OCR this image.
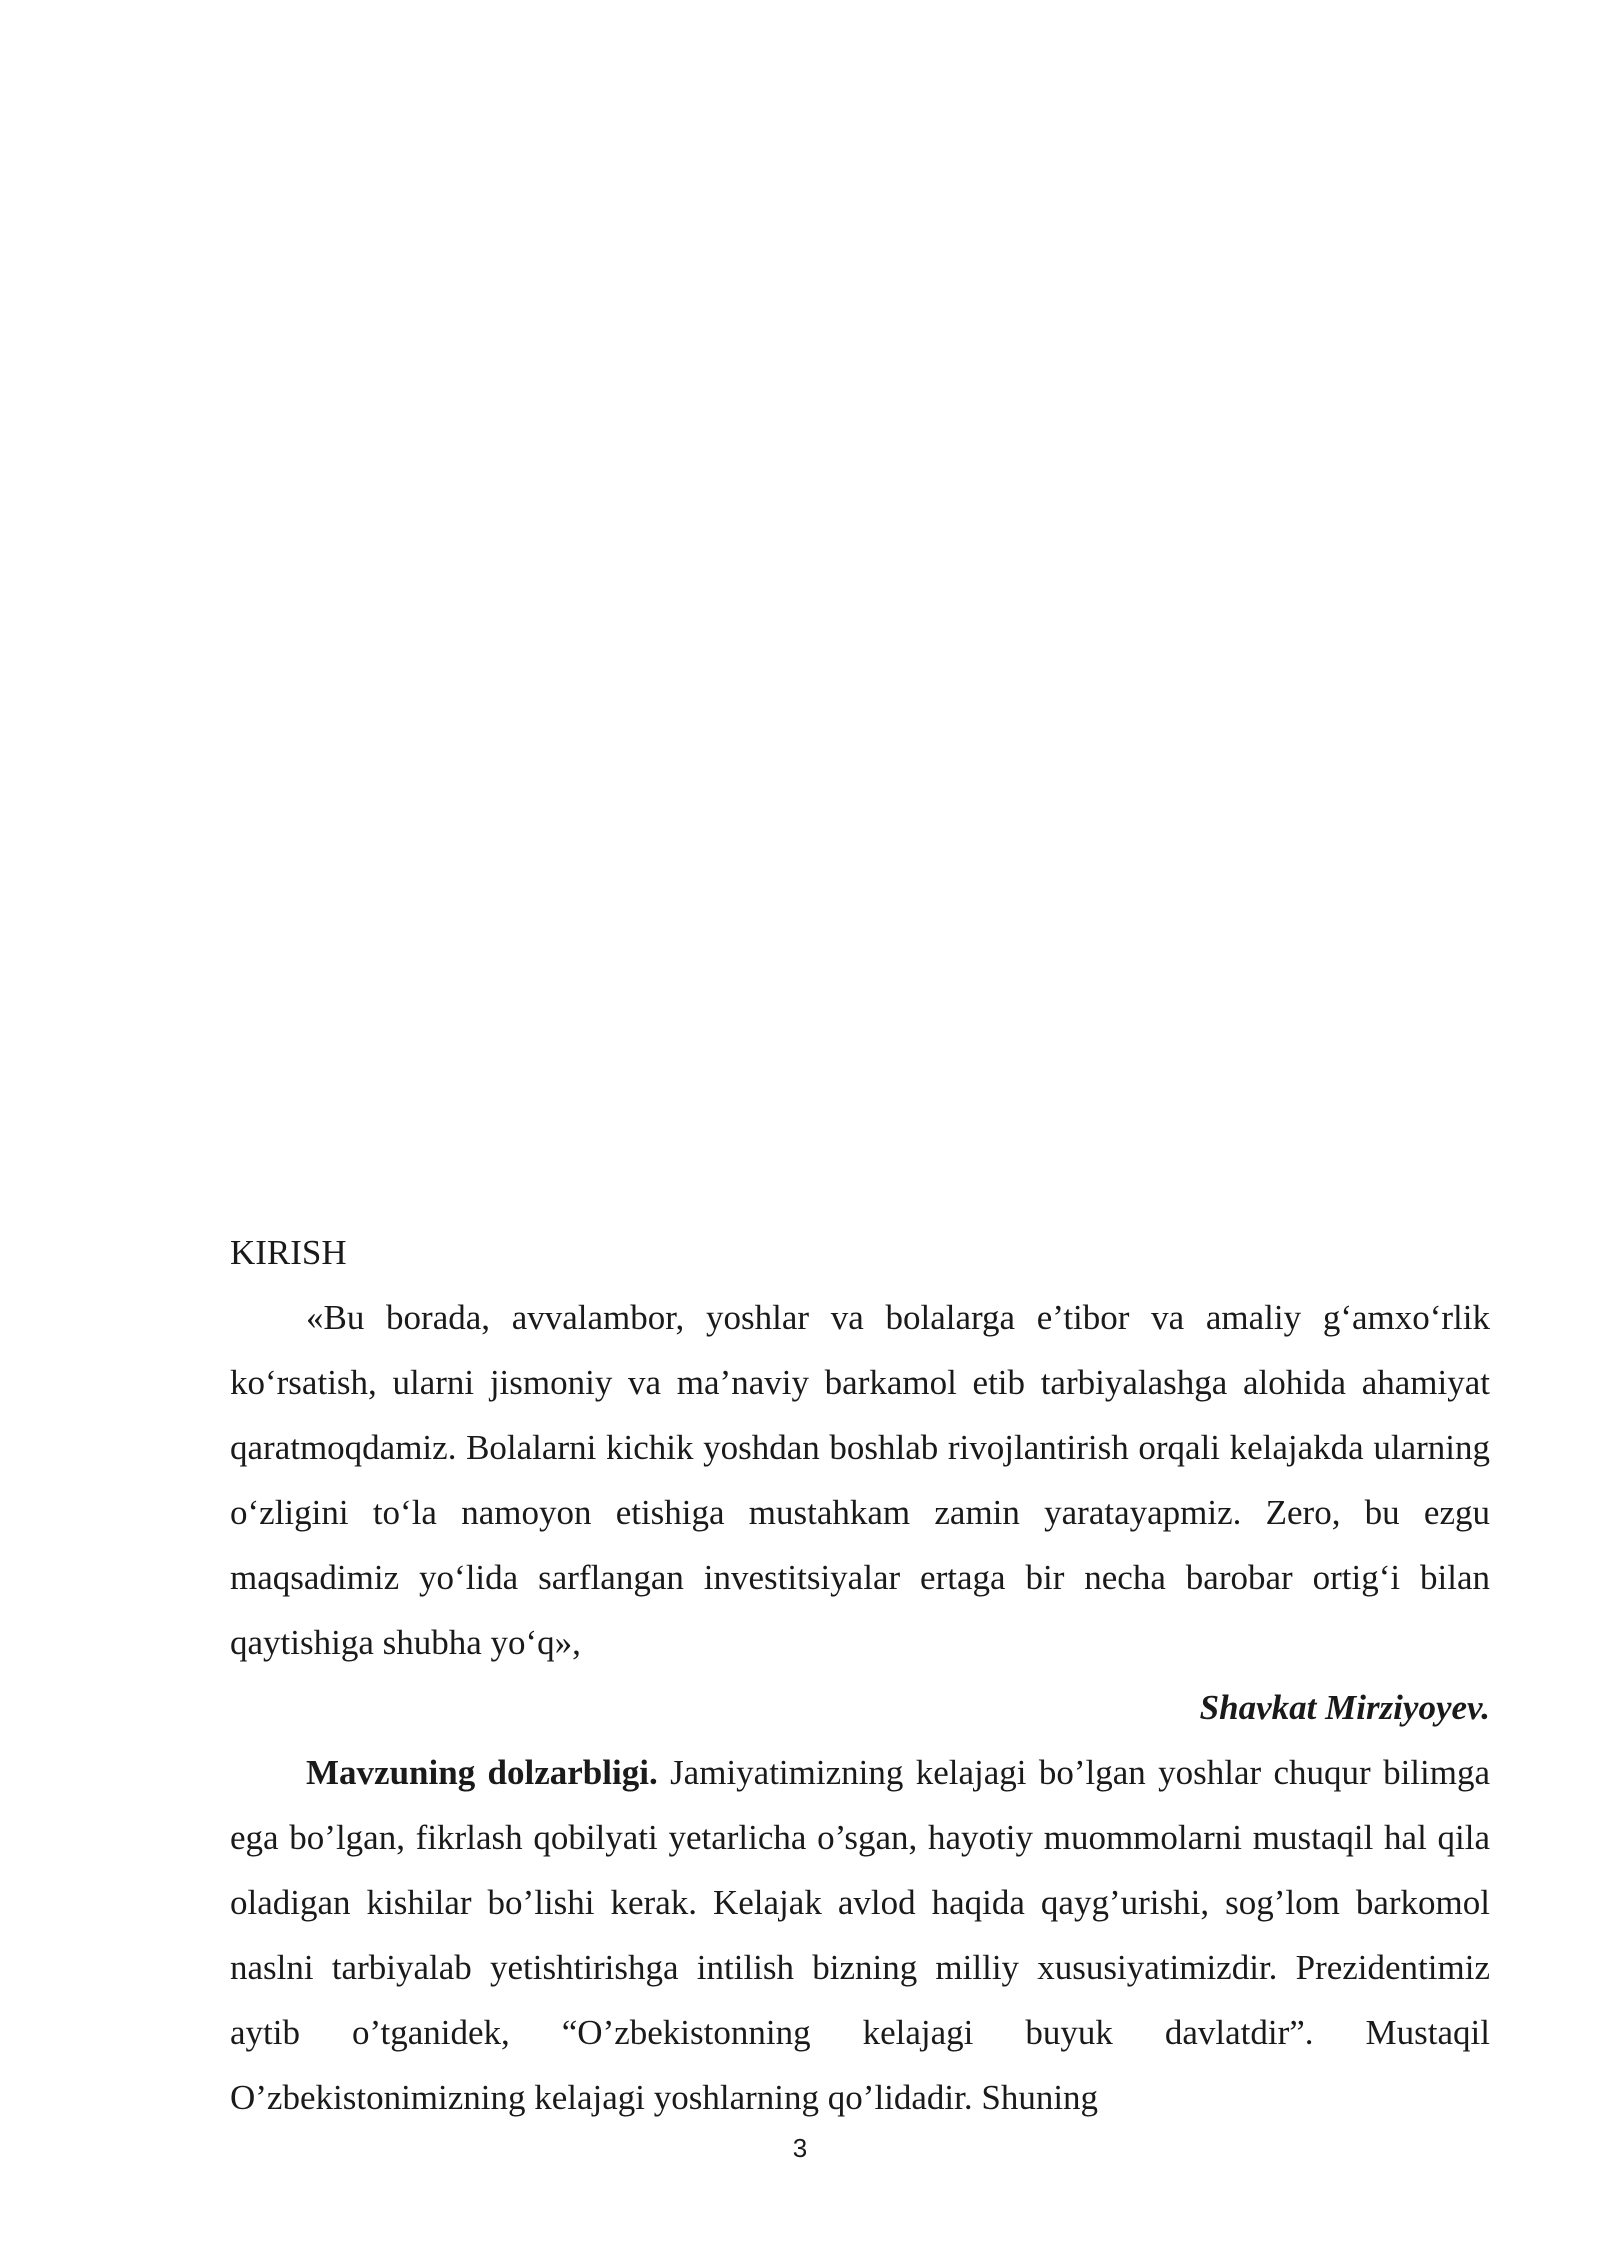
KIRISH

«Bu borada, avvalambor, yoshlar va bolalarga e’tibor va amaliy g‘amxo‘rlik ko‘rsatish, ularni jismoniy va ma’naviy barkamol etib tarbiyalashga alohida ahamiyat qaratmoqdamiz. Bolalarni kichik yoshdan boshlab rivojlantirish orqali kelajakda ularning o‘zligini to‘la namoyon etishiga mustahkam zamin yaratayapmiz. Zero, bu ezgu maqsadimiz yo‘lida sarflangan investitsiyalar ertaga bir necha barobar ortig‘i bilan qaytishiga shubha yo‘q»,

Shavkat Mirziyoyev.

Mavzuning dolzarbligi. Jamiyatimizning kelajagi bo’lgan yoshlar chuqur bilimga ega bo’lgan, fikrlash qobilyati yetarlicha o’sgan, hayotiy muommolarni mustaqil hal qila oladigan kishilar bo’lishi kerak. Kelajak avlod haqida qayg’urishi, sog’lom barkomol naslni tarbiyalab yetishtirishga intilish bizning milliy xususiyatimizdir. Prezidentimiz aytib o’tganidek, “O’zbekistonning kelajagi buyuk davlatdir”. Mustaqil O’zbekistonimizning kelajagi yoshlarning qo’lidadir. Shuning

3
